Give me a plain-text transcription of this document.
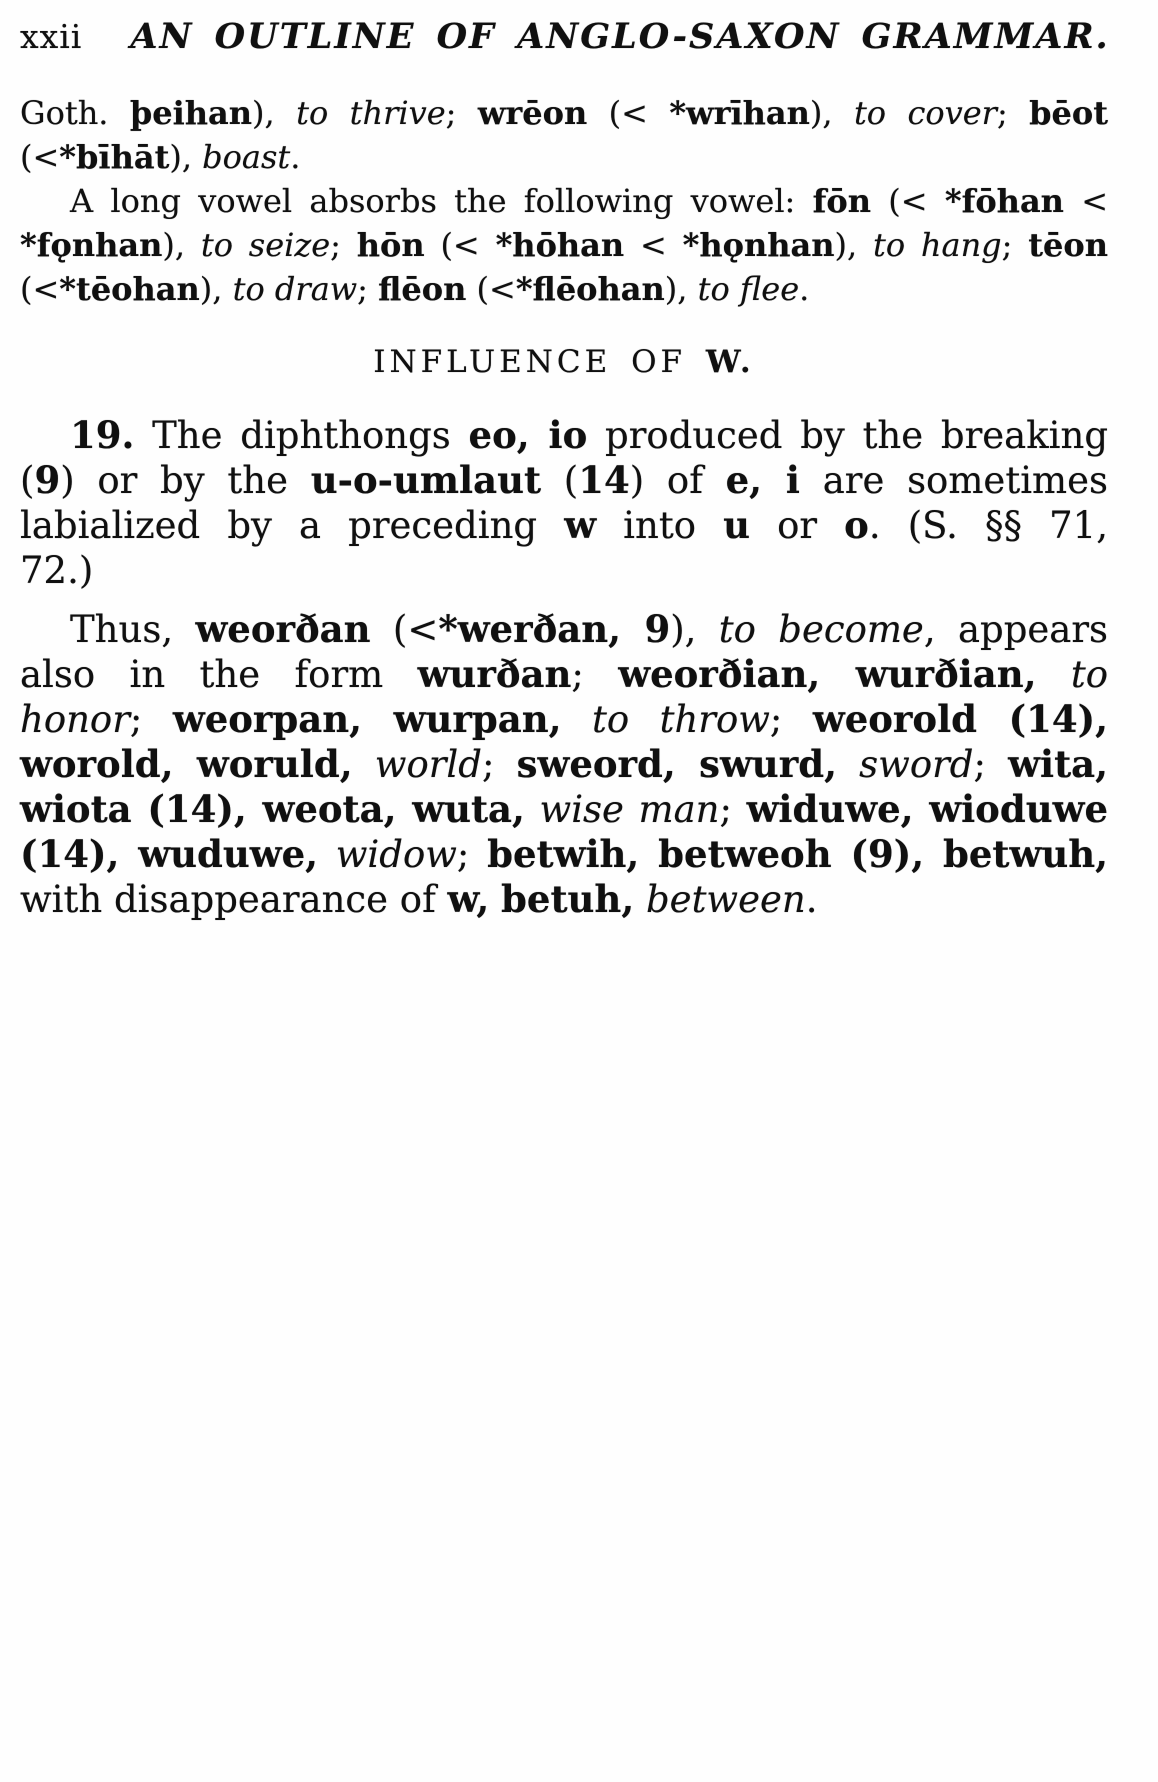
xxii AN OUTLINE OF ANGLO-SAXON GRAMMAR.
Goth. þeihan), to thrive; wrēon (< *wrīhan), to cover; bēot
(<*bīhāt), boast.
A long vowel absorbs the following vowel: fōn (< *fōhan <
*fǫnhan), to seize; hōn (< *hōhan < *hǫnhan), to hang; tēon
(<*tēohan), to draw; flēon (<*flēohan), to flee.
INFLUENCE OF W.
19. The diphthongs eo, io produced by the breaking
(9) or by the u-o-umlaut (14) of e, i are sometimes
labialized by a preceding w into u or o. (S. §§ 71,
72.)
Thus, weorðan (<*werðan, 9), to become, appears
also in the form wurðan; weorðian, wurðian, to
honor; weorpan, wurpan, to throw; weorold (14),
worold, woruld, world; sweord, swurd, sword; wita,
wiota (14), weota, wuta, wise man; widuwe, wioduwe
(14), wuduwe, widow; betwih, betweoh (9), betwuh,
with disappearance of w, betuh, between.
